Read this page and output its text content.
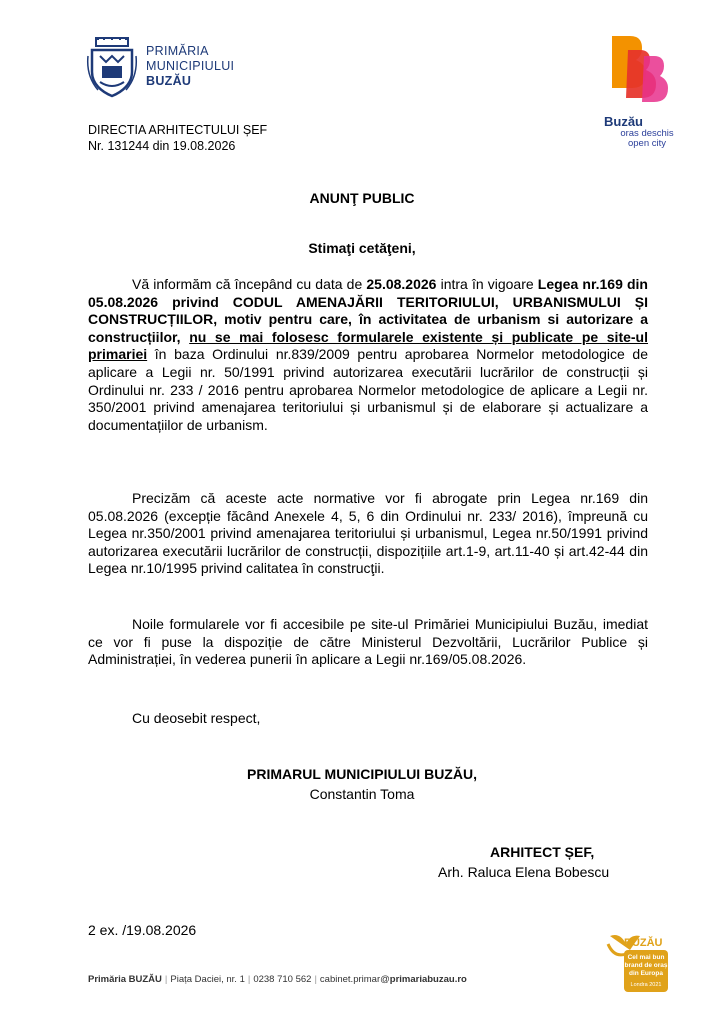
PRIMĂRIA
MUNICIPIULUI
BUZĂU
Buzău
oras deschis
open city
DIRECTIA ARHITECTULUI ȘEF
Nr. 131244 din 19.08.2026
ANUNŢ PUBLIC
Stimaţi cetăţeni,
Vă informăm că începând cu data de 25.08.2026 intra în vigoare Legea nr.169 din 05.08.2026 privind CODUL AMENAJĂRII TERITORIULUI, URBANISMULUI ȘI CONSTRUCȚIILOR, motiv pentru care, în activitatea de urbanism si autorizare a construcțiilor, nu se mai folosesc formularele existente și publicate pe site-ul primariei în baza Ordinului nr.839/2009 pentru aprobarea Normelor metodologice de aplicare a Legii nr. 50/1991 privind autorizarea executării lucrărilor de construcții și Ordinului nr. 233 / 2016 pentru aprobarea Normelor metodologice de aplicare a Legii nr. 350/2001 privind amenajarea teritoriului și urbanismul și de elaborare și actualizare a documentațiilor de urbanism.
Precizăm că aceste acte normative vor fi abrogate prin Legea nr.169 din 05.08.2026 (excepție făcând Anexele 4, 5, 6 din Ordinului nr. 233/ 2016), împreună cu Legea nr.350/2001 privind amenajarea teritoriului și urbanismul, Legea nr.50/1991 privind autorizarea executării lucrărilor de construcții, dispozițiile art.1-9, art.11-40 și art.42-44 din Legea nr.10/1995 privind calitatea în construcţii.
Noile formularele vor fi accesibile pe site-ul Primăriei Municipiului Buzău, imediat ce vor fi puse la dispoziție de către Ministerul Dezvoltării, Lucrărilor Publice și Administrației, în vederea punerii în aplicare a Legii nr.169/05.08.2026.
Cu deosebit respect,
PRIMARUL MUNICIPIULUI BUZĂU,
Constantin Toma
ARHITECT ȘEF,
Arh. Raluca Elena Bobescu
2 ex. /19.08.2026
Primăria BUZĂU | Piața Daciei, nr. 1 | 0238 710 562 | cabinet.primar@primariabuzau.ro
BUZĂU
Cel mai bun
brand de oraș
din Europa
Londra 2021
